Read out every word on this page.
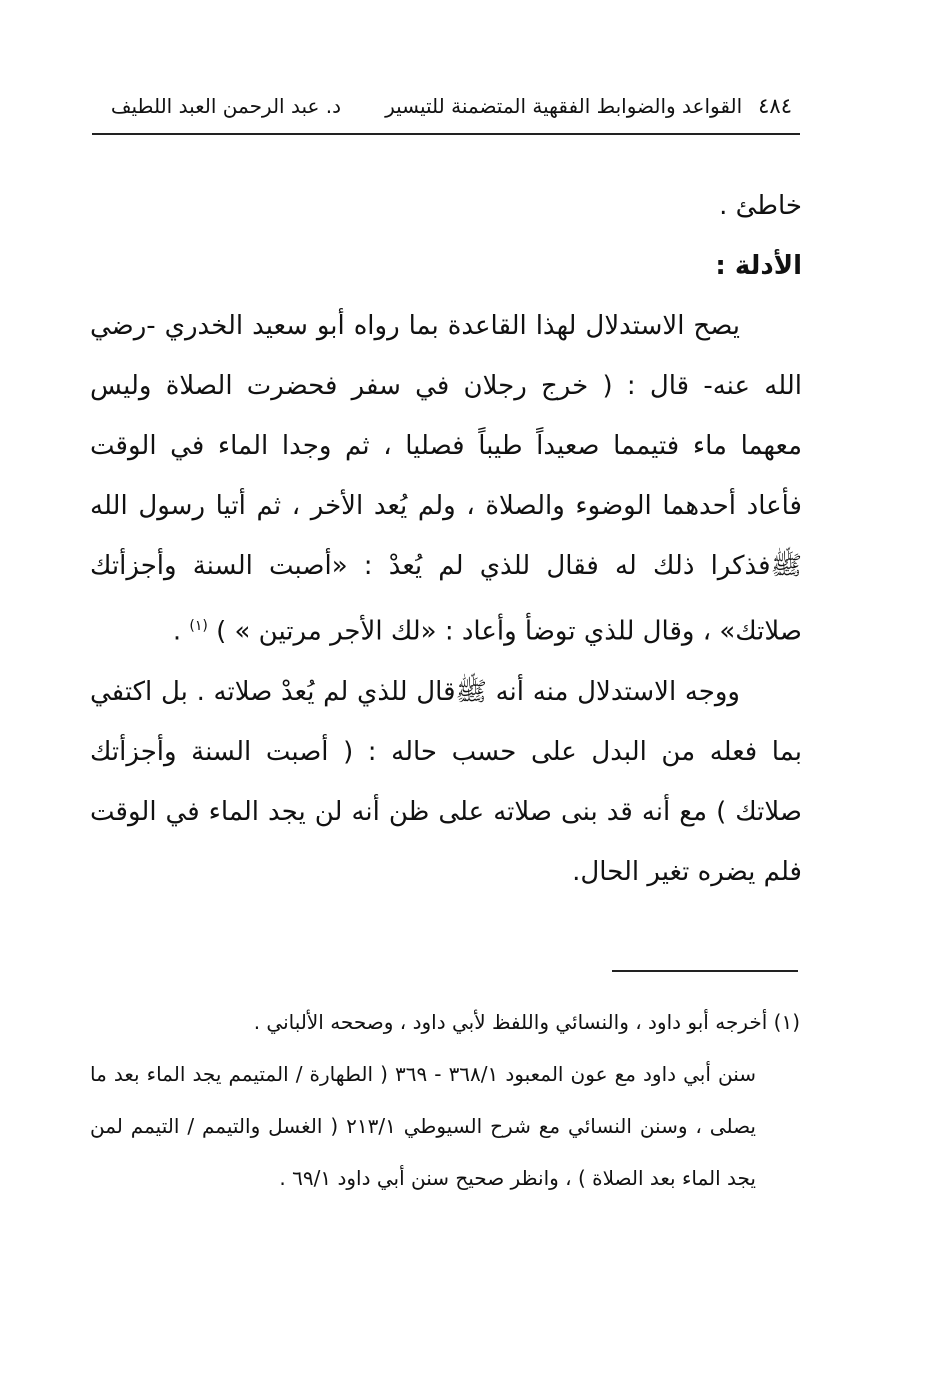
٤٨٤
القواعد والضوابط الفقهية المتضمنة للتيسير
د. عبد الرحمن العبد اللطيف

خاطئ .

الأدلة :

يصح الاستدلال لهذا القاعدة بما رواه أبو سعيد الخدري -رضي الله عنه- قال : ( خرج رجلان في سفر فحضرت الصلاة وليس معهما ماء فتيمما صعيداً طيباً فصليا ، ثم وجدا الماء في الوقت فأعاد أحدهما الوضوء والصلاة ، ولم يُعد الأخر ، ثم أتيا رسول الله ﷺفذكرا ذلك له فقال للذي لم يُعدْ : «أصبت السنة وأجزأتك صلاتك» ، وقال للذي توضأ وأعاد : «لك الأجر مرتين » ) $^{(١)}$ .

ووجه الاستدلال منه أنه ﷺقال للذي لم يُعدْ صلاته . بل اكتفي بما فعله من البدل على حسب حاله : ( أصبت السنة وأجزأتك صلاتك ) مع أنه قد بنى صلاته على ظن أنه لن يجد الماء في الوقت فلم يضره تغير الحال.

(١) أخرجه أبو داود ، والنسائي واللفظ لأبي داود ، وصححه الألباني .

سنن أبي داود مع عون المعبود ٣٦٨/١ - ٣٦٩ ( الطهارة / المتيمم يجد الماء بعد ما يصلى ، وسنن النسائي مع شرح السيوطي ٢١٣/١ ( الغسل والتيمم / التيمم لمن يجد الماء بعد الصلاة ) ، وانظر صحيح سنن أبي داود ٦٩/١ .
